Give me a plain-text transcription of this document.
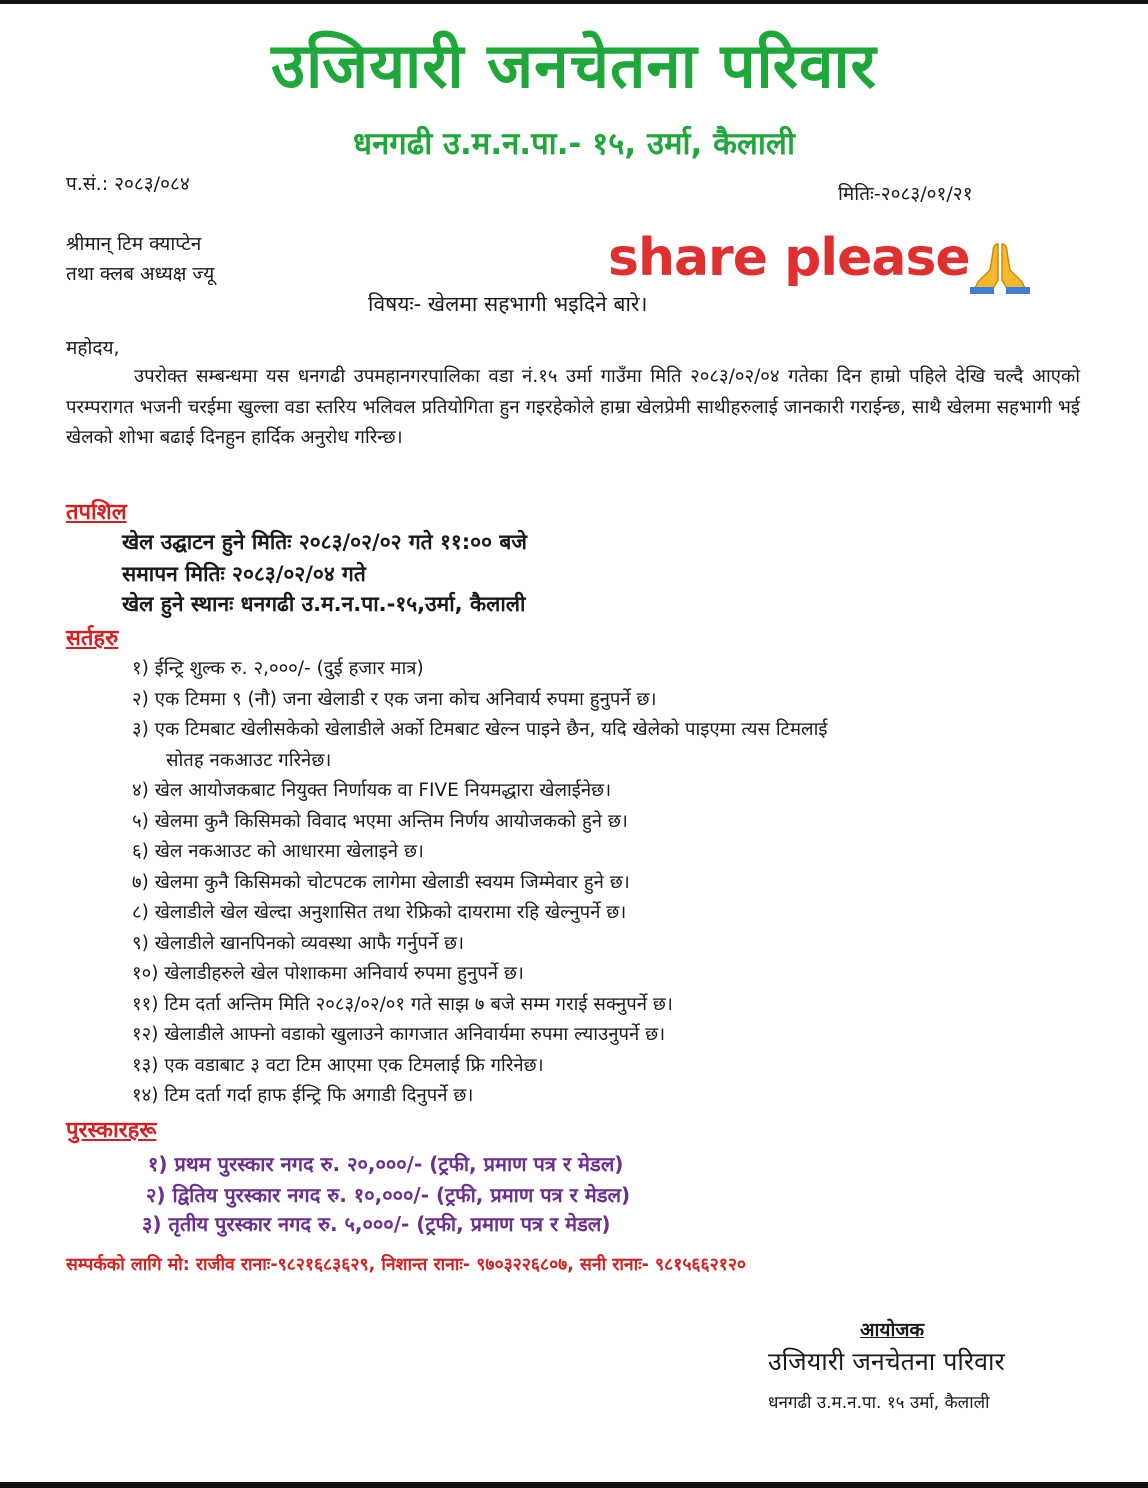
उजियारी जनचेतना परिवार
धनगढी उ.म.न.पा.- १५, उर्मा, कैलाली
प.सं.: २०८३/०८४	मितिः-२०८३/०१/२१
श्रीमान् टिम क्याप्टेन
तथा क्लब अध्यक्ष ज्यू	share please
विषयः- खेलमा सहभागी भइदिने बारे।
महोदय,
उपरोक्त सम्बन्धमा यस धनगढी उपमहानगरपालिका वडा नं.१५ उर्मा गाउँमा मिति २०८३/०२/०४ गतेका दिन हाम्रो पहिले देखि चल्दै आएको परम्परागत भजनी चरईमा खुल्ला वडा स्तरिय भलिवल प्रतियोगिता हुन गइरहेकोले हाम्रा खेलप्रेमी साथीहरुलाई जानकारी गराईन्छ, साथै खेलमा सहभागी भई खेलको शोभा बढाई दिनहुन हार्दिक अनुरोध गरिन्छ।
तपशिल
खेल उद्घाटन हुने मितिः २०८३/०२/०२ गते ११:०० बजे
समापन मितिः २०८३/०२/०४ गते
खेल हुने स्थानः धनगढी उ.म.न.पा.-१५,उर्मा, कैलाली
सर्तहरु
१) ईन्ट्रि शुल्क रु. २,०००/- (दुई हजार मात्र)
२) एक टिममा ९ (नौ) जना खेलाडी र एक जना कोच अनिवार्य रुपमा हुनुपर्ने छ।
३) एक टिमबाट खेलीसकेको खेलाडीले अर्को टिमबाट खेल्न पाइने छैन, यदि खेलेको पाइएमा त्यस टिमलाई
सोतह नकआउट गरिनेछ।
४) खेल आयोजकबाट नियुक्त निर्णायक वा FIVE नियमद्धारा खेलाईनेछ।
५) खेलमा कुनै किसिमको विवाद भएमा अन्तिम निर्णय आयोजकको हुने छ।
६) खेल नकआउट को आधारमा खेलाइने छ।
७) खेलमा कुनै किसिमको चोटपटक लागेमा खेलाडी स्वयम जिम्मेवार हुने छ।
८) खेलाडीले खेल खेल्दा अनुशासित तथा रेफ्रिको दायरामा रहि खेल्नुपर्ने छ।
९) खेलाडीले खानपिनको व्यवस्था आफै गर्नुपर्ने छ।
१०) खेलाडीहरुले खेल पोशाकमा अनिवार्य रुपमा हुनुपर्ने छ।
११) टिम दर्ता अन्तिम मिति २०८३/०२/०१ गते साझ ७ बजे सम्म गराई सक्नुपर्ने छ।
१२) खेलाडीले आफ्नो वडाको खुलाउने कागजात अनिवार्यमा रुपमा ल्याउनुपर्ने छ।
१३) एक वडाबाट ३ वटा टिम आएमा एक टिमलाई फ्रि गरिनेछ।
१४) टिम दर्ता गर्दा हाफ ईन्ट्रि फि अगाडी दिनुपर्ने छ।
पुरस्कारहरू
१) प्रथम पुरस्कार नगद रु. २०,०००/- (ट्रफी, प्रमाण पत्र र मेडल)
२) द्वितिय पुरस्कार नगद रु. १०,०००/- (ट्रफी, प्रमाण पत्र र मेडल)
३) तृतीय पुरस्कार नगद रु. ५,०००/- (ट्रफी, प्रमाण पत्र र मेडल)
सम्पर्कको लागि मो: राजीव रानाः-९८२१६८३६२९, निशान्त रानाः- ९७०३२२६८०७, सनी रानाः- ९८१५६६२१२०
आयोजक
उजियारी जनचेतना परिवार
धनगढी उ.म.न.पा. १५ उर्मा, कैलाली
